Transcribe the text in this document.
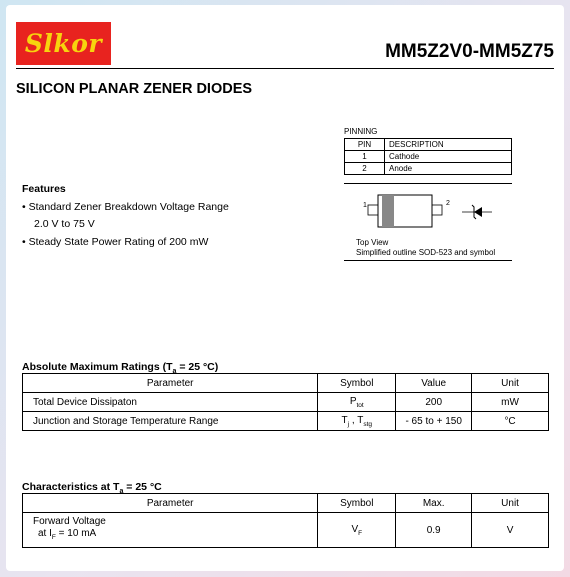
Slkor	MM5Z2V0-MM5Z75
SILICON PLANAR ZENER DIODES
PINNING
PIN	DESCRIPTION
1	Cathode
2	Anode
1	2
Top View
Simplified outline SOD-523 and symbol
Features
• Standard Zener Breakdown Voltage Range
2.0 V to 75 V
• Steady State Power Rating of 200 mW
Absolute Maximum Ratings ($T_a = 25$ °C)
Parameter	Symbol	Value	Unit
Total Device Dissipaton	$P_{tot}$	200	mW
Junction and Storage Temperature Range	$T_j$ , $T_{stg}$	- 65 to + 150	°C
Characteristics at $T_a = 25$ °C
Parameter	Symbol	Max.	Unit

Forward Voltage
at $I_F = 10$ mA	$V_F$	0.9	V
